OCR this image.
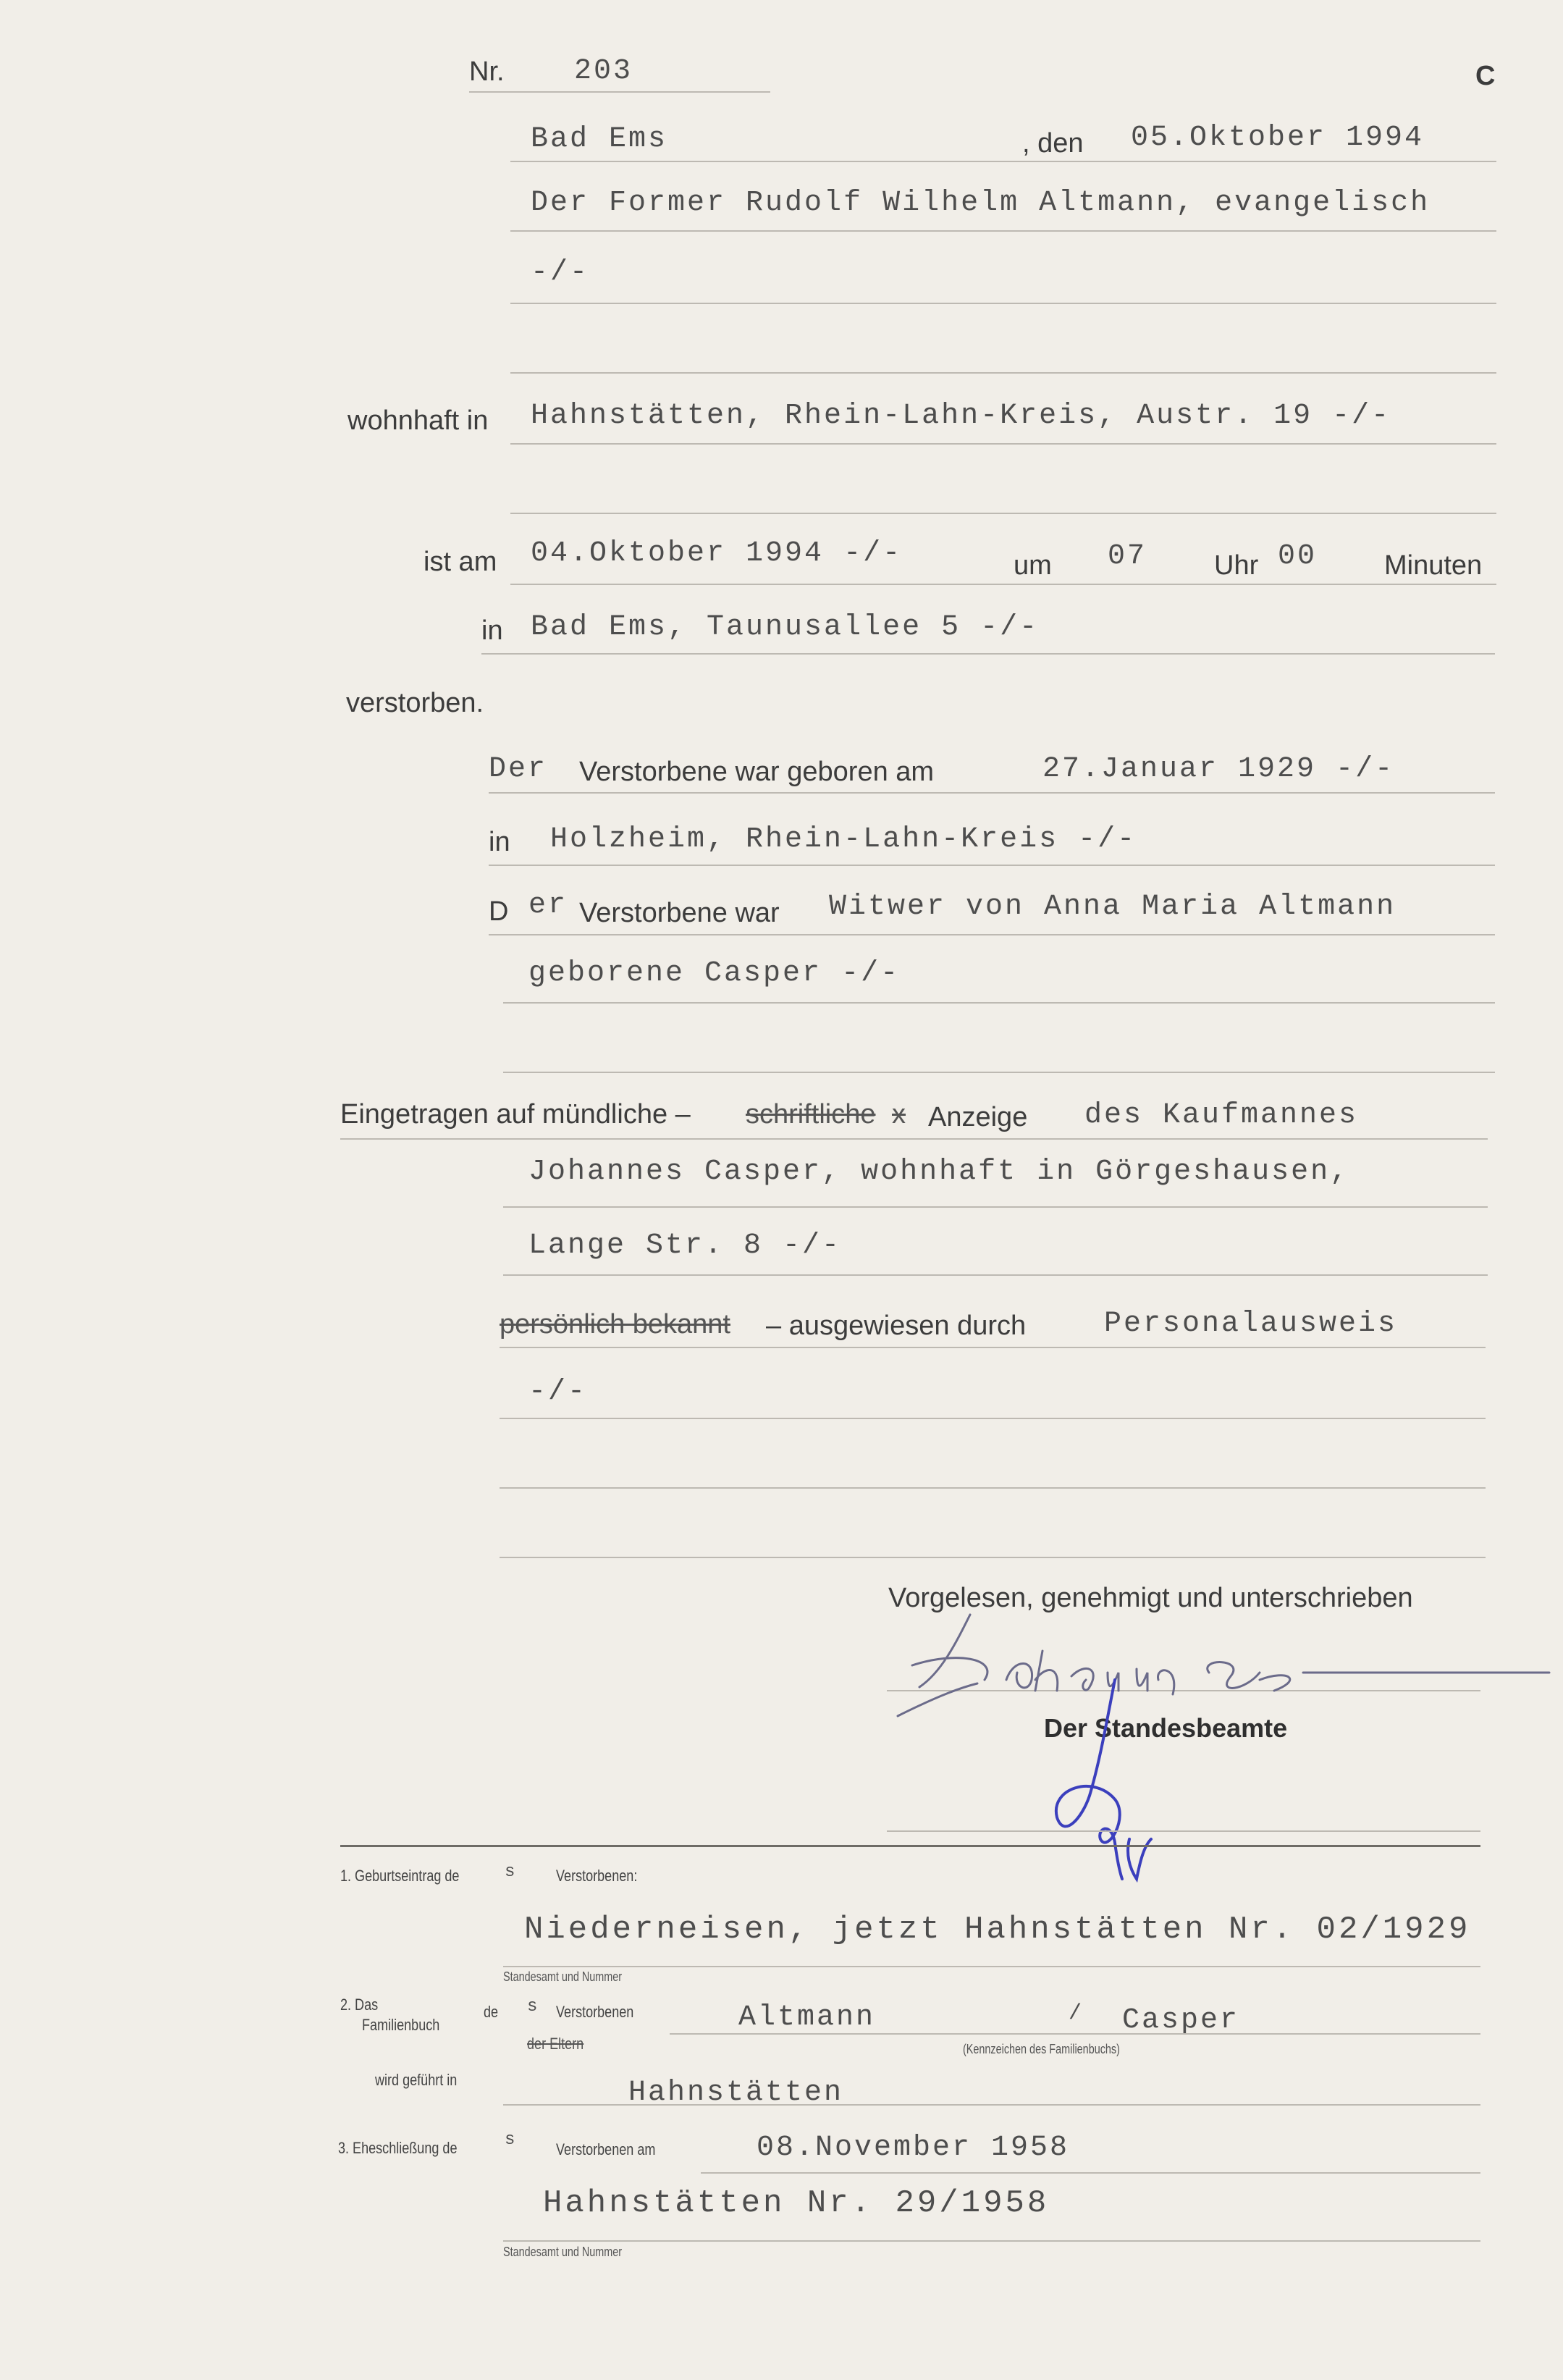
Nr. 203	C
Bad Ems	, den 05.Oktober 1994
Der Former Rudolf Wilhelm Altmann, evangelisch
-/-
wohnhaft in Hahnstätten, Rhein-Lahn-Kreis, Austr. 19 -/-
ist am 04.Oktober 1994 -/-	um 07 Uhr 00 Minuten
in Bad Ems, Taunusallee 5 -/-
verstorben.
Der Verstorbene war geboren am	27.Januar 1929 -/-
in Holzheim, Rhein-Lahn-Kreis -/-
D er Verstorbene war Witwer von Anna Maria Altmann
geborene Casper -/-
Eingetragen auf mündliche – schriftliche x Anzeige des Kaufmannes
Johannes Casper, wohnhaft in Görgeshausen,
Lange Str. 8 -/-
persönlich bekannt – ausgewiesen durch	Personalausweis
-/-
Vorgelesen, genehmigt und unterschrieben
Der Standesbeamte
1. Geburtseintrag de	s Verstorbenen:
Niederneisen, jetzt Hahnstätten Nr. 02/1929
Standesamt und Nummer
2. Das
Familienbuch
de s Verstorbenen
der Eltern
Altmann	/ Casper
(Kennzeichen des Familienbuchs)
wird geführt in	Hahnstätten
3. Eheschließung de	s Verstorbenen am	08.November 1958
Hahnstätten Nr. 29/1958
Standesamt und Nummer
